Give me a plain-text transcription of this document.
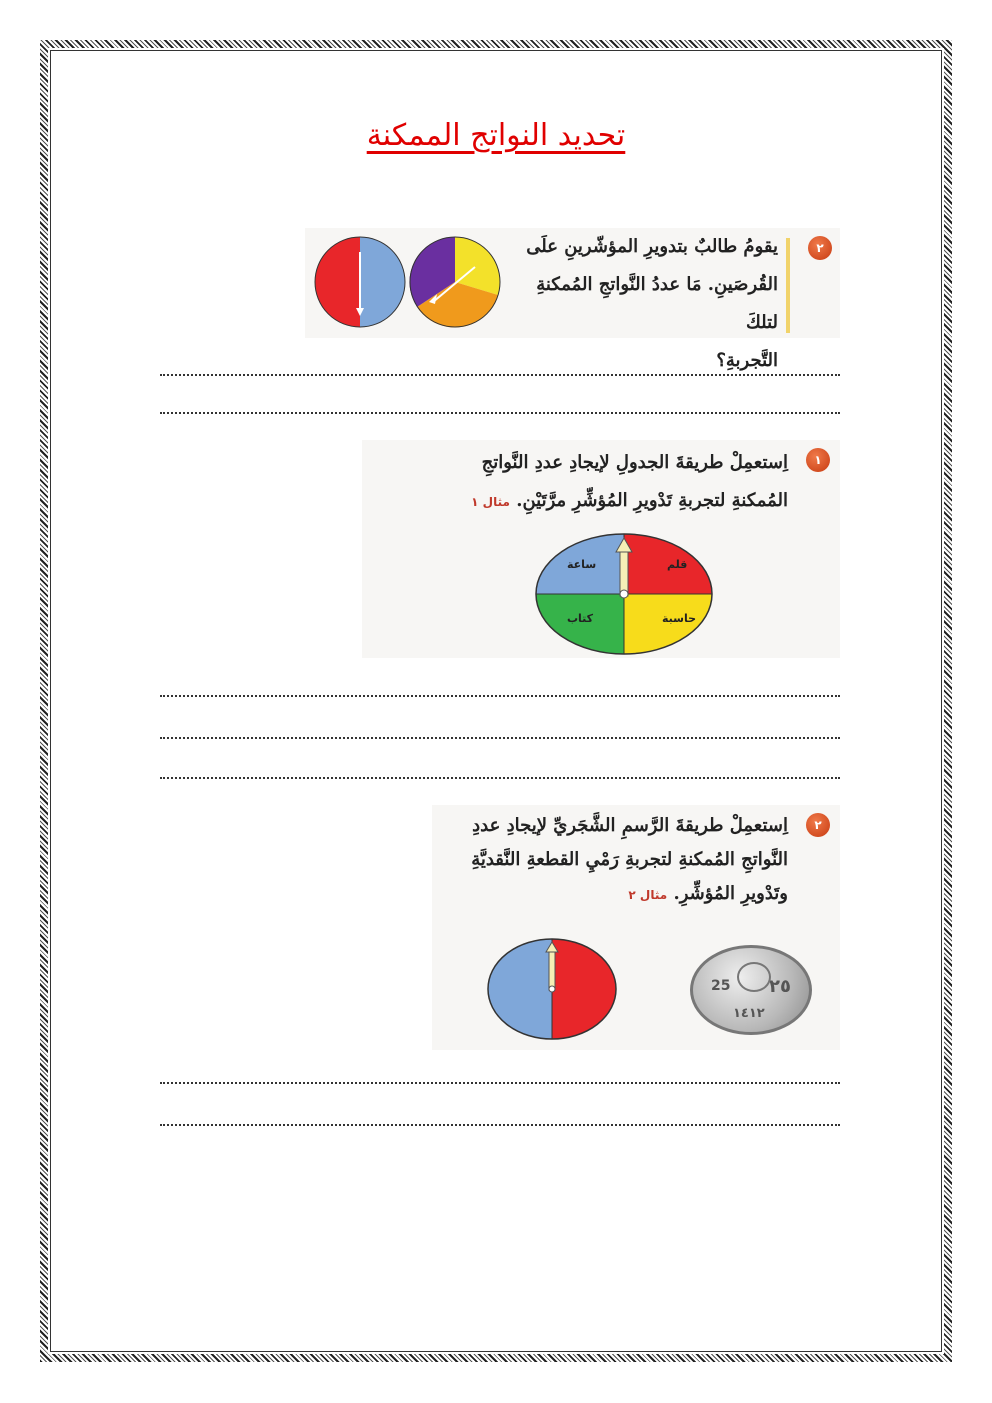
تحديد النواتج الممكنة
٢
يقومُ طالبٌ بتدويرِ المؤشّرينِ علَى
القُرصَينِ. مَا عددُ النَّواتجِ المُمكنةِ لتلكَ
التَّجربةِ؟
١
اِستعمِلْ طريقةَ الجدولِ لإيجادِ عددِ النَّواتجِ
المُمكنةِ لتجربةِ تَدْويرِ المُؤشِّرِ مرَّتَيْنِ. مثال ١
قلم
ساعة
كتاب	حاسبة
٢
اِستعمِلْ طريقةَ الرَّسمِ الشَّجَريِّ لإيجادِ عددِ
النَّواتجِ المُمكنةِ لتجربةِ رَمْيِ القطعةِ النَّقديَّةِ
وتَدْويرِ المُؤشِّرِ. مثال ٢
٢٥
25
١٤١٢
